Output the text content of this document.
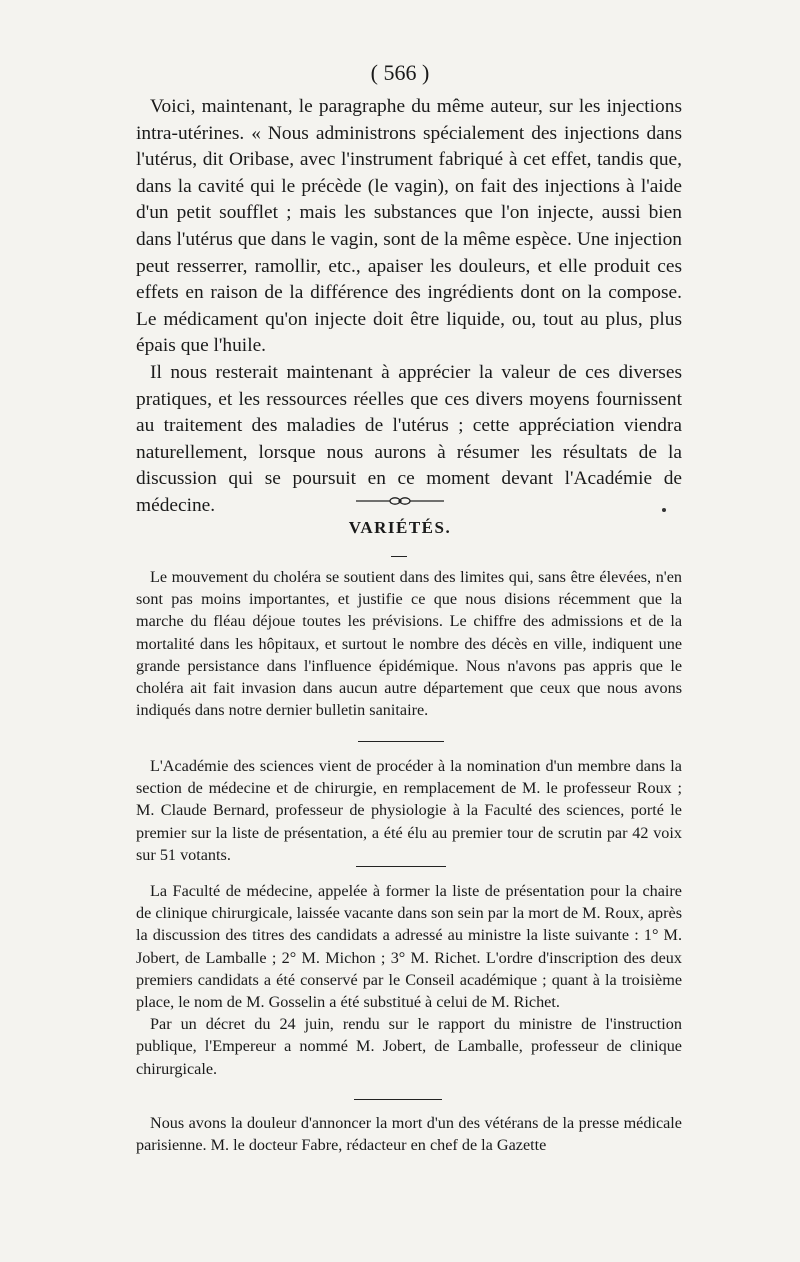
( 566 )

Voici, maintenant, le paragraphe du même auteur, sur les injections intra-utérines. « Nous administrons spécialement des injections dans l'utérus, dit Oribase, avec l'instrument fabriqué à cet effet, tandis que, dans la cavité qui le précède (le vagin), on fait des injections à l'aide d'un petit soufflet ; mais les substances que l'on injecte, aussi bien dans l'utérus que dans le vagin, sont de la même espèce. Une injection peut resserrer, ramollir, etc., apaiser les douleurs, et elle produit ces effets en raison de la différence des ingrédients dont on la compose. Le médicament qu'on injecte doit être liquide, ou, tout au plus, plus épais que l'huile.

Il nous resterait maintenant à apprécier la valeur de ces diverses pratiques, et les ressources réelles que ces divers moyens fournissent au traitement des maladies de l'utérus ; cette appréciation viendra naturellement, lorsque nous aurons à résumer les résultats de la discussion qui se poursuit en ce moment devant l'Académie de médecine.

VARIÉTÉS.

Le mouvement du choléra se soutient dans des limites qui, sans être élevées, n'en sont pas moins importantes, et justifie ce que nous disions récemment que la marche du fléau déjoue toutes les prévisions. Le chiffre des admissions et de la mortalité dans les hôpitaux, et surtout le nombre des décès en ville, indiquent une grande persistance dans l'influence épidémique. Nous n'avons pas appris que le choléra ait fait invasion dans aucun autre département que ceux que nous avons indiqués dans notre dernier bulletin sanitaire.

L'Académie des sciences vient de procéder à la nomination d'un membre dans la section de médecine et de chirurgie, en remplacement de M. le professeur Roux ; M. Claude Bernard, professeur de physiologie à la Faculté des sciences, porté le premier sur la liste de présentation, a été élu au premier tour de scrutin par 42 voix sur 51 votants.

La Faculté de médecine, appelée à former la liste de présentation pour la chaire de clinique chirurgicale, laissée vacante dans son sein par la mort de M. Roux, après la discussion des titres des candidats a adressé au ministre la liste suivante : 1° M. Jobert, de Lamballe ; 2° M. Michon ; 3° M. Richet. L'ordre d'inscription des deux premiers candidats a été conservé par le Conseil académique ; quant à la troisième place, le nom de M. Gosselin a été substitué à celui de M. Richet.

Par un décret du 24 juin, rendu sur le rapport du ministre de l'instruction publique, l'Empereur a nommé M. Jobert, de Lamballe, professeur de clinique chirurgicale.

Nous avons la douleur d'annoncer la mort d'un des vétérans de la presse médicale parisienne. M. le docteur Fabre, rédacteur en chef de la Gazette
